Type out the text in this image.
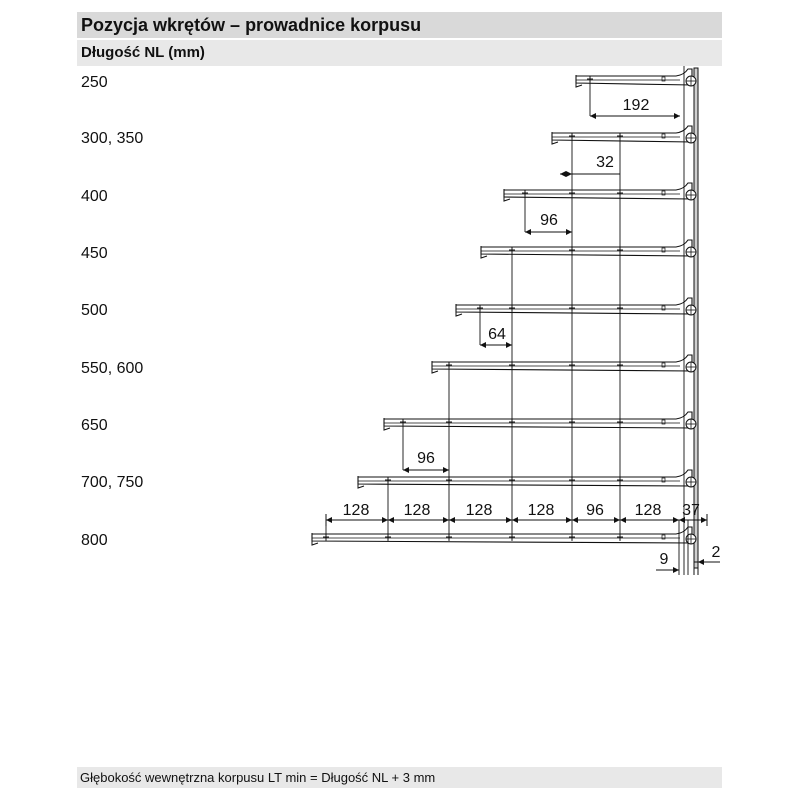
Pozycja wkrętów – prowadnice korpusu
Długość NL (mm)
250
300, 350
400
450
500
550, 600
650
700, 750
800
192
32
96
64
96
128 128 128 128 96 128 37
9	2
Głębokość wewnętrzna korpusu LT min = Długość NL + 3 mm
